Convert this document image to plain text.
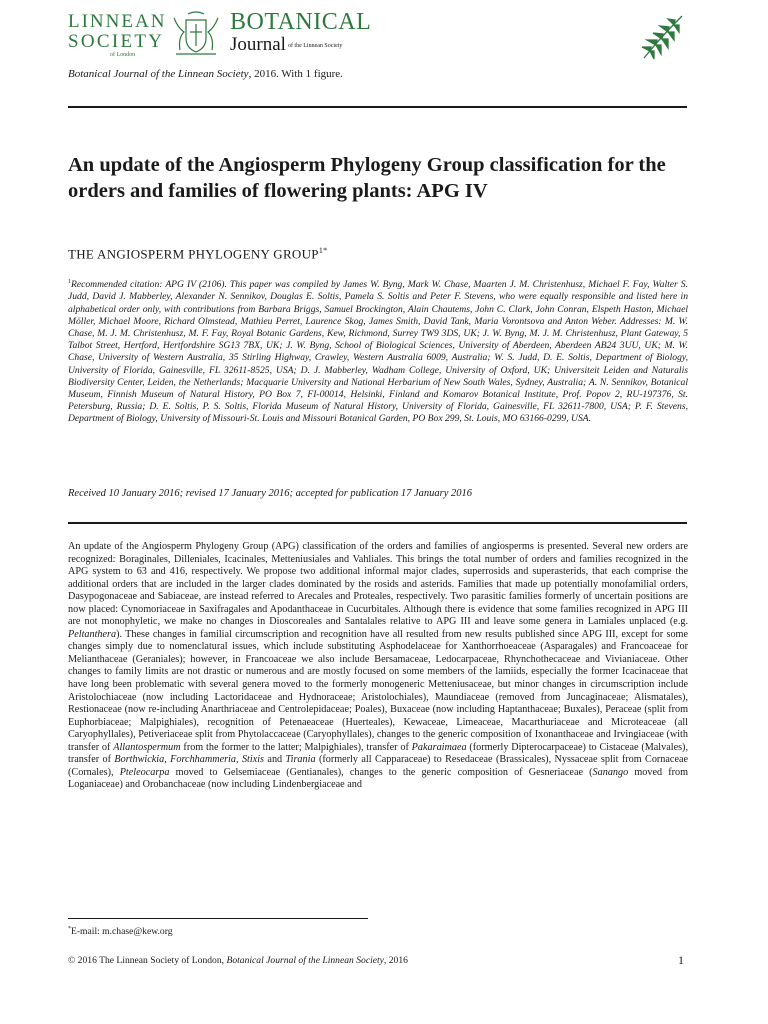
LINNEAN
SOCIETY
of London
BOTANICAL
Journal of the Linnean Society
Botanical Journal of the Linnean Society, 2016. With 1 figure.
An update of the Angiosperm Phylogeny Group classification for the orders and families of flowering plants: APG IV
THE ANGIOSPERM PHYLOGENY $GROUP^{1*}$
$^1$Recommended citation: APG IV (2106). This paper was compiled by James W. Byng, Mark W. Chase, Maarten J. M. Christenhusz, Michael F. Fay, Walter S. Judd, David J. Mabberley, Alexander N. Sennikov, Douglas E. Soltis, Pamela S. Soltis and Peter F. Stevens, who were equally responsible and listed here in alphabetical order only, with contributions from Barbara Briggs, Samuel Brockington, Alain Chautems, John C. Clark, John Conran, Elspeth Haston, Michael Möller, Michael Moore, Richard Olmstead, Mathieu Perret, Laurence Skog, James Smith, David Tank, Maria Vorontsova and Anton Weber. Addresses: M. W. Chase, M. J. M. Christenhusz, M. F. Fay, Royal Botanic Gardens, Kew, Richmond, Surrey TW9 3DS, UK; J. W. Byng, M. J. M. Christenhusz, Plant Gateway, 5 Talbot Street, Hertford, Hertfordshire SG13 7BX, UK; J. W. Byng, School of Biological Sciences, University of Aberdeen, Aberdeen AB24 3UU, UK; M. W. Chase, University of Western Australia, 35 Stirling Highway, Crawley, Western Australia 6009, Australia; W. S. Judd, D. E. Soltis, Department of Biology, University of Florida, Gainesville, FL 32611-8525, USA; D. J. Mabberley, Wadham College, University of Oxford, UK; Universiteit Leiden and Naturalis Biodiversity Center, Leiden, the Netherlands; Macquarie University and National Herbarium of New South Wales, Sydney, Australia; A. N. Sennikov, Botanical Museum, Finnish Museum of Natural History, PO Box 7, FI-00014, Helsinki, Finland and Komarov Botanical Institute, Prof. Popov 2, RU-197376, St. Petersburg, Russia; D. E. Soltis, P. S. Soltis, Florida Museum of Natural History, University of Florida, Gainesville, FL 32611-7800, USA; P. F. Stevens, Department of Biology, University of Missouri-St. Louis and Missouri Botanical Garden, PO Box 299, St. Louis, MO 63166-0299, USA.
Received 10 January 2016; revised 17 January 2016; accepted for publication 17 January 2016

An update of the Angiosperm Phylogeny Group (APG) classification of the orders and families of angiosperms is presented. Several new orders are recognized: Boraginales, Dilleniales, Icacinales, Metteniusiales and Vahliales. This brings the total number of orders and families recognized in the APG system to 63 and 416, respectively. We propose two additional informal major clades, superrosids and superasterids, that each comprise the additional orders that are included in the larger clades dominated by the rosids and asterids. Families that made up potentially monofamilial orders, Dasypogonaceae and Sabiaceae, are instead referred to Arecales and Proteales, respectively. Two parasitic families formerly of uncertain positions are now placed: Cynomoriaceae in Saxifragales and Apodanthaceae in Cucurbitales. Although there is evidence that some families recognized in APG III are not monophyletic, we make no changes in Dioscoreales and Santalales relative to APG III and leave some genera in Lamiales unplaced (e.g. Peltanthera). These changes in familial circumscription and recognition have all resulted from new results published since APG III, except for some changes simply due to nomenclatural issues, which include substituting Asphodelaceae for Xanthorrhoeaceae (Asparagales) and Francoaceae for Melianthaceae (Geraniales); however, in Francoaceae we also include Bersamaceae, Ledocarpaceae, Rhynchothecaceae and Vivianiaceae. Other changes to family limits are not drastic or numerous and are mostly focused on some members of the lamiids, especially the former Icacinaceae that have long been problematic with several genera moved to the formerly monogeneric Metteniusaceae, but minor changes in circumscription include Aristolochiaceae (now including Lactoridaceae and Hydnoraceae; Aristolochiales), Maundiaceae (removed from Juncaginaceae; Alismatales), Restionaceae (now re-including Anarthriaceae and Centrolepidaceae; Poales), Buxaceae (now including Haptanthaceae; Buxales), Peraceae (split from Euphorbiaceae; Malpighiales), recognition of Petenaeaceae (Huerteales), Kewaceae, Limeaceae, Macarthuriaceae and Microteaceae (all Caryophyllales), Petiveriaceae split from Phytolaccaceae (Caryophyllales), changes to the generic composition of Ixonanthaceae and Irvingiaceae (with transfer of Allantospermum from the former to the latter; Malpighiales), transfer of Pakaraimaea (formerly Dipterocarpaceae) to Cistaceae (Malvales), transfer of Borthwickia, Forchhammeria, Stixis and Tirania (formerly all Capparaceae) to Resedaceae (Brassicales), Nyssaceae split from Cornaceae (Cornales), Pteleocarpa moved to Gelsemiaceae (Gentianales), changes to the generic composition of Gesneriaceae (Sanango moved from Loganiaceae) and Orobanchaceae (now including Lindenbergiaceae and

*E-mail: m.chase@kew.org
© 2016 The Linnean Society of London, Botanical Journal of the Linnean Society, 2016	1
